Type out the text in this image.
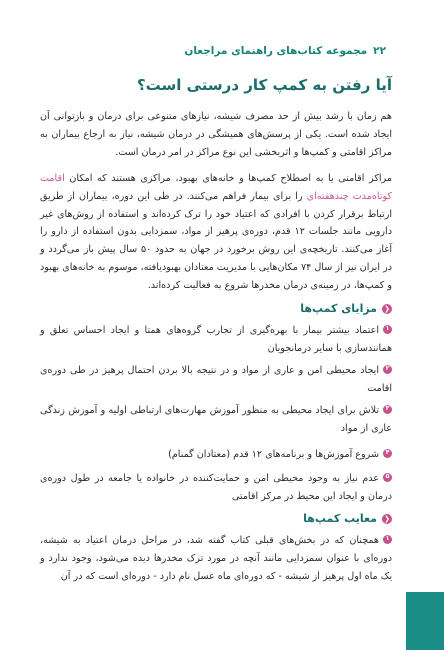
۲۲
مجموعه کتاب‌های راهنمای مراجعان
آیا رفتن به کمپ کار درستی است؟
هم زمان با رشد بیش از حد مصرف شیشه، نیازهای متنوعی برای درمان و بازتوانی آن ایجاد شده است. یکی از پرسش‌های همیشگی در درمان شیشه، نیاز به ارجاع بیماران به مراکز اقامتی و کمپ‌ها و اثربخشی این نوع مراکز در امر درمان است.
مراکز اقامتی یا به اصطلاح کمپ‌ها و خانه‌های بهبود، مراکزی هستند که امکان اقامت کوتاه‌مدت چندهفته‌ای را برای بیمار فراهم می‌کنند. در طی این دوره، بیماران از طریق ارتباط برقرار کردن با افرادی که اعتیاد خود را ترک کرده‌اند و استفاده از روش‌های غیر دارویی مانند جلسات ۱۲ قدم، دوره‌ی پرهیز از مواد، سمزدایی بدون استفاده از دارو را آغاز می‌کنند. تاریخچه‌ی این روش برخورد در جهان به حدود ۵۰ سال پیش باز می‌گردد و در ایران نیز از سال ۷۴ مکان‌هایی با مدیریت معتادان بهبودیافته، موسوم به خانه‌های بهبود و کمپ‌ها، در زمینه‌ی درمان مخدرها شروع به فعالیت کرده‌اند.
❮
مزایای کمپ‌ها
۱اعتماد بیشتر بیمار با بهره‌گیری از تجارب گروه‌های همتا و ایجاد احساس تعلق و همانندسازی با سایر درمانجویان
۲ایجاد محیطی امن و عاری از مواد و در نتیجه بالا بردن احتمال پرهیز در طی دوره‌ی اقامت
۳تلاش برای ایجاد محیطی به منظور آموزش مهارت‌های ارتباطی اولیه و آموزش زندگی عاری از مواد
۴شروع آموزش‌ها و برنامه‌های ۱۲ قدم (معتادان گمنام)
۵عدم نیاز به وجود محیطی امن و حمایت‌کننده در خانواده یا جامعه در طول دوره‌ی درمان و ایجاد این محیط در مرکز اقامتی
❮
معایب کمپ‌ها
۱همچنان که در بخش‌های قبلی کتاب گفته شد، در مراحل درمان اعتیاد به شیشه، دوره‌ای با عنوان سمزدایی مانند آنچه در مورد ترک مخدرها دیده می‌شود، وجود ندارد و یک ماه اول پرهیز از شیشه - که دوره‌ای ماه عسل نام دارد - دوره‌ای است که در آن
